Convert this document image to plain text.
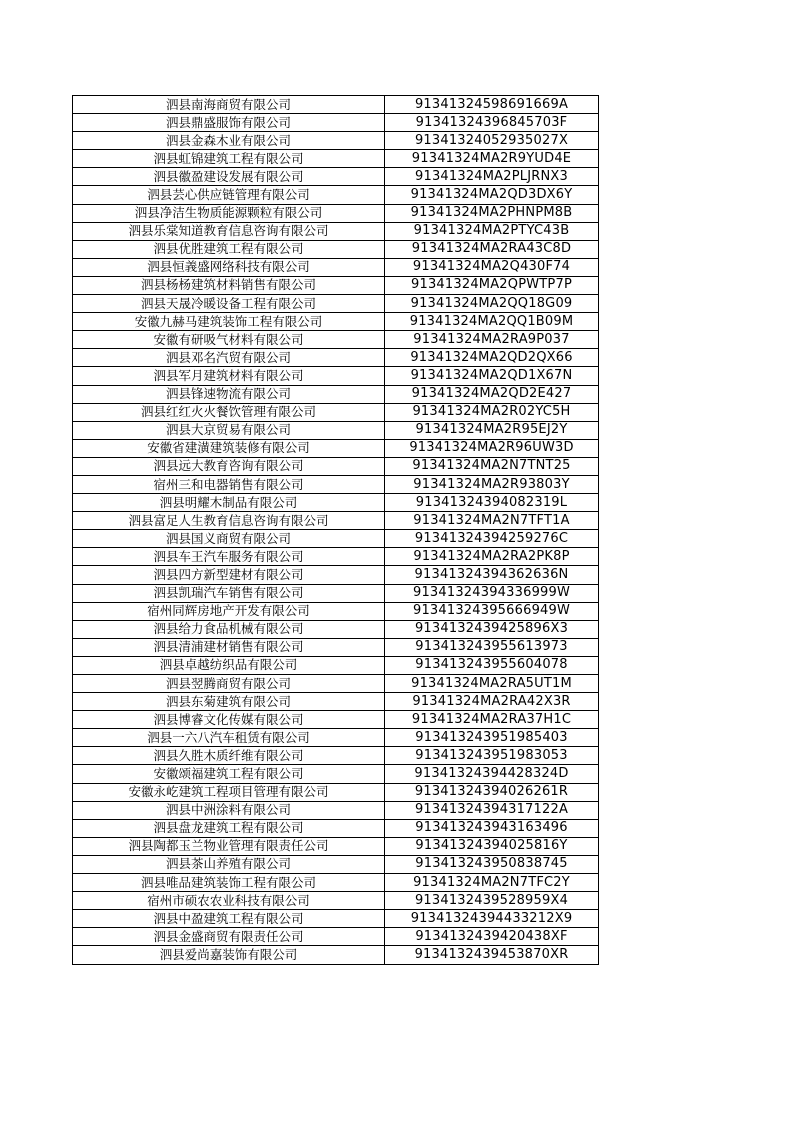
泗县南海商贸有限公司	91341324598691669A
泗县鼎盛服饰有限公司	91341324396845703F
泗县金森木业有限公司	91341324052935027X
泗县虹锦建筑工程有限公司	91341324MA2R9YUD4E
泗县徽盈建设发展有限公司	91341324MA2PLJRNX3
泗县芸心供应链管理有限公司	91341324MA2QD3DX6Y
泗县净洁生物质能源颗粒有限公司	91341324MA2PHNPM8B
泗县乐棠知道教育信息咨询有限公司	91341324MA2PTYC43B
泗县优胜建筑工程有限公司	91341324MA2RA43C8D
泗县恒義盛网络科技有限公司	91341324MA2Q430F74
泗县杨杨建筑材料销售有限公司	91341324MA2QPWTP7P
泗县天晟冷暖设备工程有限公司	91341324MA2QQ18G09
安徽九赫马建筑装饰工程有限公司	91341324MA2QQ1B09M
安徽有研吸气材料有限公司	91341324MA2RA9P037
泗县邓名汽贸有限公司	91341324MA2QD2QX66
泗县军月建筑材料有限公司	91341324MA2QD1X67N
泗县锋速物流有限公司	91341324MA2QD2E427
泗县红红火火餐饮管理有限公司	91341324MA2R02YC5H
泗县大京贸易有限公司	91341324MA2R95EJ2Y
安徽省建潢建筑装修有限公司	91341324MA2R96UW3D
泗县远大教育咨询有限公司	91341324MA2N7TNT25
宿州三和电器销售有限公司	91341324MA2R93803Y
泗县明耀木制品有限公司	91341324394082319L
泗县富足人生教育信息咨询有限公司	91341324MA2N7TFT1A
泗县国义商贸有限公司	91341324394259276C
泗县车王汽车服务有限公司	91341324MA2RA2PK8P
泗县四方新型建材有限公司	91341324394362636N
泗县凯瑞汽车销售有限公司	91341324394336999W
宿州同辉房地产开发有限公司	91341324395666949W
泗县给力食品机械有限公司	9134132439425896X3
泗县清浦建材销售有限公司	913413243955613973
泗县卓越纺织品有限公司	913413243955604078
泗县翌腾商贸有限公司	91341324MA2RA5UT1M
泗县东菊建筑有限公司	91341324MA2RA42X3R
泗县博睿文化传媒有限公司	91341324MA2RA37H1C
泗县一六八汽车租赁有限公司	913413243951985403
泗县久胜木质纤维有限公司	913413243951983053
安徽颂福建筑工程有限公司	91341324394428324D
安徽永屹建筑工程项目管理有限公司	91341324394026261R
泗县中洲涂料有限公司	91341324394317122A
泗县盘龙建筑工程有限公司	913413243943163496
泗县陶都玉兰物业管理有限责任公司	91341324394025816Y
泗县茶山养殖有限公司	913413243950838745
泗县唯品建筑装饰工程有限公司	91341324MA2N7TFC2Y
宿州市硕农农业科技有限公司	9134132439528959X4
泗县中盈建筑工程有限公司	91341324394433212X9
泗县金盛商贸有限责任公司	9134132439420438XF
泗县爱尚嘉装饰有限公司	9134132439453870XR
